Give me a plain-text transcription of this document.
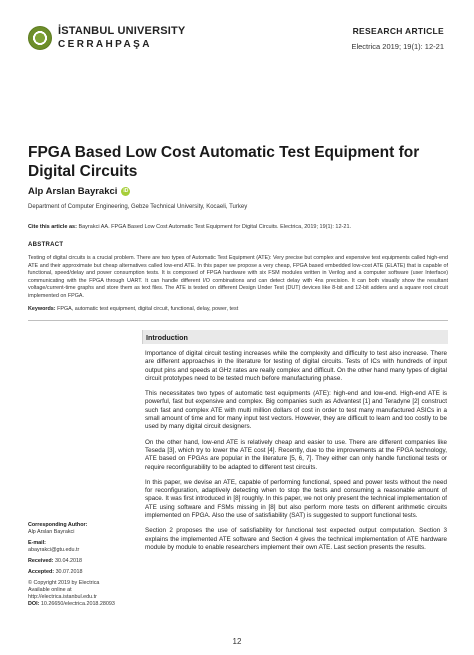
İSTANBUL UNIVERSITY
CERRAHPAŞA
RESEARCH ARTICLE
Electrica 2019; 19(1): 12-21
FPGA Based Low Cost Automatic Test Equipment for Digital Circuits
Alp Arslan Bayrakci	iD
Department of Computer Engineering, Gebze Technical University, Kocaeli, Turkey
Cite this article as: Bayrakci AA. FPGA Based Low Cost Automatic Test Equipment for Digital Circuits. Electrica, 2019; 19(1): 12-21.
ABSTRACT
Testing of digital circuits is a crucial problem. There are two types of Automatic Test Equipment (ATE): Very precise but complex and expensive test equipments called high-end ATE and their approximate but cheap alternatives called low-end ATE. In this paper we propose a very cheap, FPGA based embedded low-cost ATE (ELATE) that is capable of functional, speed/delay and power consumption tests. It is composed of FPGA hardware with six FSM modules written in Verilog and a computer software (user Interface) communicating with the FPGA through UART. It can handle different I/O combinations and can detect delay with 4ns precision. It can both visually show the resultant voltage/current-time graphs and store them as text files. The ATE is tested on different Design Under Test (DUT) devices like 8-bit and 12-bit adders and a square root circuit implemented on FPGA.
Keywords: FPGA, automatic test equipment, digital circuit, functional, delay, power, test
Introduction

Importance of digital circuit testing increases while the complexity and difficulty to test also increase. There are different approaches in the literature for testing of digital circuits. Tests of ICs with hundreds of input output pins and speeds at GHz rates are really complex and difficult. On the other hand many types of digital circuit prototypes need to be tested much before manufacturing phase.

This necessitates two types of automatic test equipments (ATE): high-end and low-end. High-end ATE is powerful, fast but expensive and complex. Big companies such as Advantest [1] and Teradyne [2] construct such fast and complex ATE with multi million dollars of cost in order to test many manufactured ASICs in a small amount of time and for many input test vectors. However, they are difficult to learn and too costly to be used by many digital circuit designers.

On the other hand, low-end ATE is relatively cheap and easier to use. There are different companies like Teseda [3], which try to lower the ATE cost [4]. Recently, due to the improvements at the FPGA technology, ATE based on FPGAs are popular in the literature [5, 6, 7]. They either can only handle functional tests or require reconfigurability to be adapted to different test circuits.

In this paper, we devise an ATE, capable of performing functional, speed and power tests without the need for reconfiguration, adaptively detecting when to stop the tests and consuming a reasonable amount of space. It was first introduced in [8] roughly. In this paper, we not only present the technical implementation of ATE using software and FSMs missing in [8] but also perform more tests on different arithmetic circuits implemented on FPGA. Also the use of satisfiability (SAT) is suggested to support functional tests.

Section 2 proposes the use of satisfiability for functional test expected output computation. Section 3 explains the implemented ATE software and Section 4 gives the technical implementation of ATE hardware module by module to enable researchers implement their own ATE. Last section presents the results.

Corresponding Author:
Alp Arslan Bayrakci
E-mail:
abayrakci@gtu.edu.tr
Received: 30.04.2018
Accepted: 30.07.2018
© Copyright 2019 by Electrica
Available online at
http://electrica.istanbul.edu.tr
DOI: 10.26650/electrica.2018.28093
12
